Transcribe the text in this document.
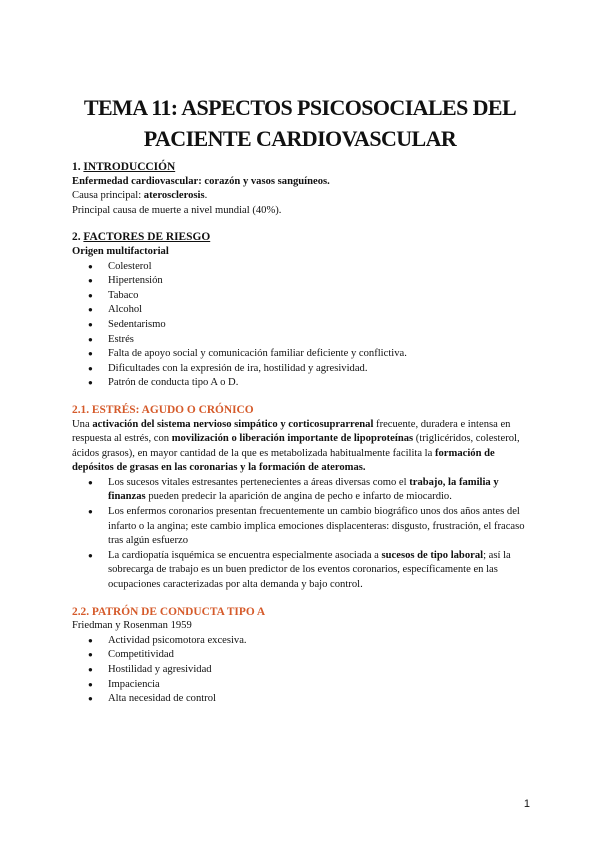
TEMA 11: ASPECTOS PSICOSOCIALES DEL
PACIENTE CARDIOVASCULAR
1. INTRODUCCIÓN

Enfermedad cardiovascular: corazón y vasos sanguíneos.

Causa principal: aterosclerosis.

Principal causa de muerte a nivel mundial (40%).

2. FACTORES DE RIESGO

Origen multifactorial

● Colesterol
● Hipertensión
● Tabaco
● Alcohol
● Sedentarismo
● Estrés
● Falta de apoyo social y comunicación familiar deficiente y conflictiva.
● Dificultades con la expresión de ira, hostilidad y agresividad.
● Patrón de conducta tipo A o D.
2.1. ESTRÉS: AGUDO O CRÓNICO

Una activación del sistema nervioso simpático y corticosuprarrenal frecuente, duradera e intensa en respuesta al estrés, con movilización o liberación importante de lipoproteínas (triglicéridos, colesterol, ácidos grasos), en mayor cantidad de la que es metabolizada habitualmente facilita la formación de depósitos de grasas en las coronarias y la formación de ateromas.

● Los sucesos vitales estresantes pertenecientes a áreas diversas como el trabajo, la familia y finanzas pueden predecir la aparición de angina de pecho e infarto de miocardio.
● Los enfermos coronarios presentan frecuentemente un cambio biográfico unos dos años antes del infarto o la angina; este cambio implica emociones displacenteras: disgusto, frustración, el fracaso tras algún esfuerzo
● La cardiopatía isquémica se encuentra especialmente asociada a sucesos de tipo laboral; así la sobrecarga de trabajo es un buen predictor de los eventos coronarios, específicamente en las ocupaciones caracterizadas por alta demanda y bajo control.
2.2. PATRÓN DE CONDUCTA TIPO A

Friedman y Rosenman 1959

● Actividad psicomotora excesiva.
● Competitividad
● Hostilidad y agresividad
● Impaciencia
● Alta necesidad de control
1
